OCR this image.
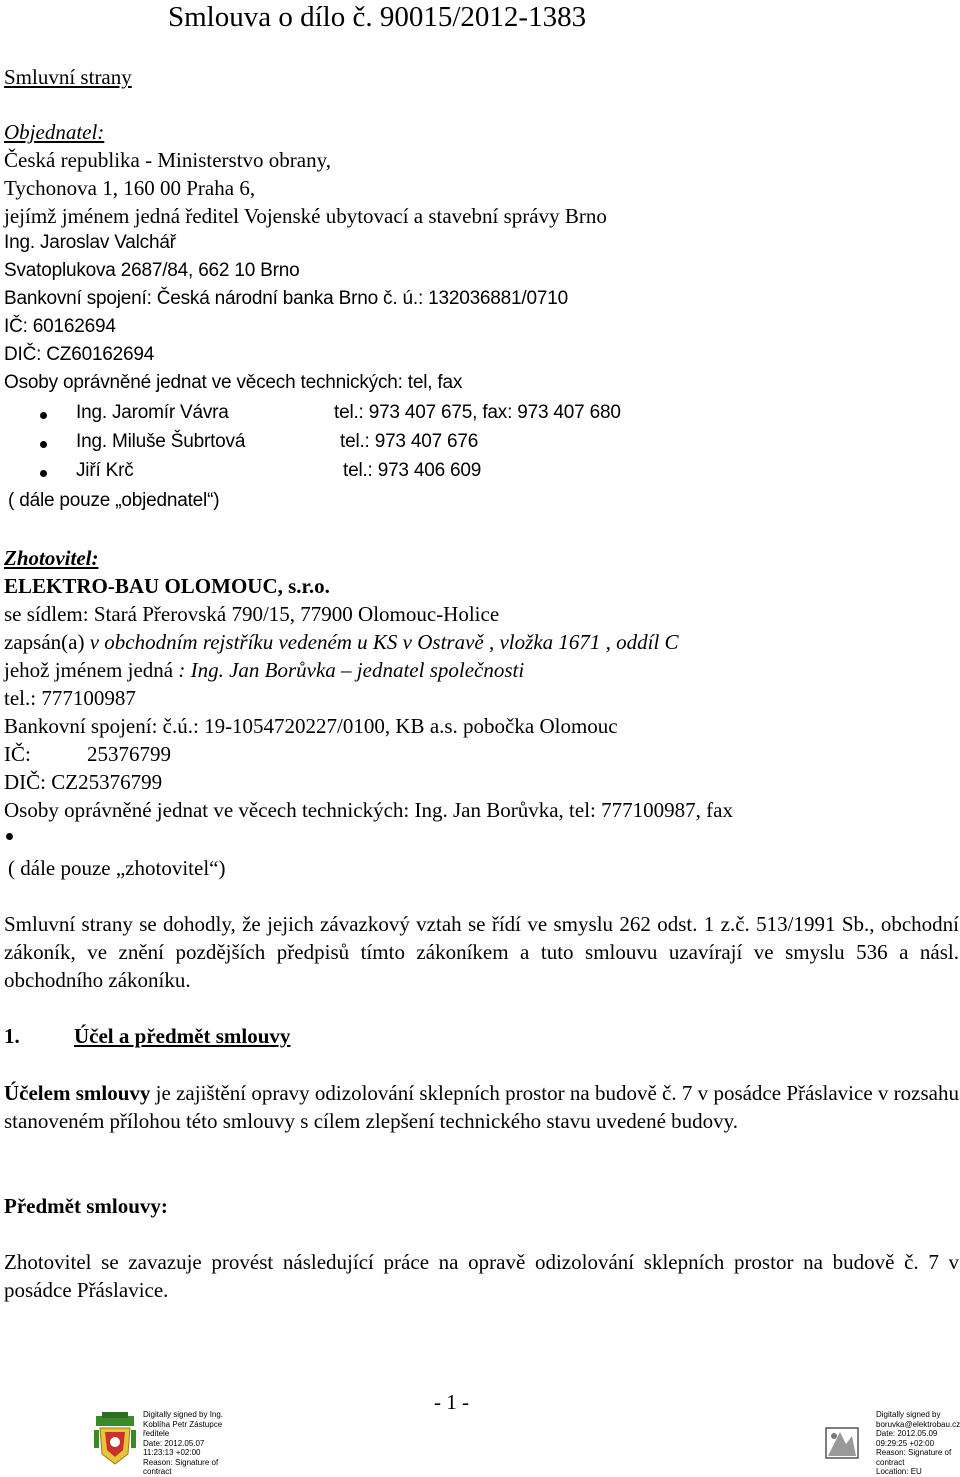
Smlouva o dílo č. 90015/2012-1383
Smluvní strany
Objednatel:
Česká republika - Ministerstvo obrany,
Tychonova 1, 160 00 Praha 6,
jejímž jménem jedná ředitel Vojenské ubytovací a stavební správy Brno
Ing. Jaroslav Valchář
Svatoplukova 2687/84, 662 10 Brno
Bankovní spojení: Česká národní banka Brno č. ú.: 132036881/0710
IČ: 60162694
DIČ: CZ60162694
Osoby oprávněné jednat ve věcech technických: tel, fax
Ing. Jaromír Vávra	tel.: 973 407 675, fax: 973 407 680
Ing. Miluše Šubrtová	tel.: 973 407 676
Jiří Krč	tel.: 973 406 609
( dále pouze „objednatel“)
Zhotovitel:
ELEKTRO-BAU OLOMOUC, s.r.o.
se sídlem: Stará Přerovská 790/15, 77900 Olomouc-Holice
zapsán(a) v obchodním rejstříku vedeném u KS v Ostravě , vložka 1671 , oddíl C
jehož jménem jedná : Ing. Jan Borůvka – jednatel společnosti
tel.: 777100987
Bankovní spojení: č.ú.: 19-1054720227/0100, KB a.s. pobočka Olomouc
IČ:	25376799
DIČ: CZ25376799
Osoby oprávněné jednat ve věcech technických: Ing. Jan Borůvka, tel: 777100987, fax
( dále pouze „zhotovitel“)
Smluvní strany se dohodly, že jejich závazkový vztah se řídí ve smyslu 262 odst. 1 z.č. 513/1991 Sb., obchodní zákoník, ve znění pozdějších předpisů tímto zákoníkem a tuto smlouvu uzavírají ve smyslu 536 a násl. obchodního zákoníku.
1.	Účel a předmět smlouvy
Účelem smlouvy je zajištění opravy odizolování sklepních prostor na budově č. 7 v posádce Přáslavice v rozsahu stanoveném přílohou této smlouvy s cílem zlepšení technického stavu uvedené budovy.
Předmět smlouvy:
Zhotovitel se zavazuje provést následující práce na opravě odizolování sklepních prostor na budově č. 7 v posádce Přáslavice.
- 1 -
Digitally signed by Ing.
Koblíha Petr Zástupce
ředitele
Date: 2012.05.07
11:23:13 +02:00
Reason: Signature of
contract
Digitally signed by
boruvka@elektrobau.cz
Date: 2012.05.09
09:29:25 +02:00
Reason: Signature of
contract
Location: EU
